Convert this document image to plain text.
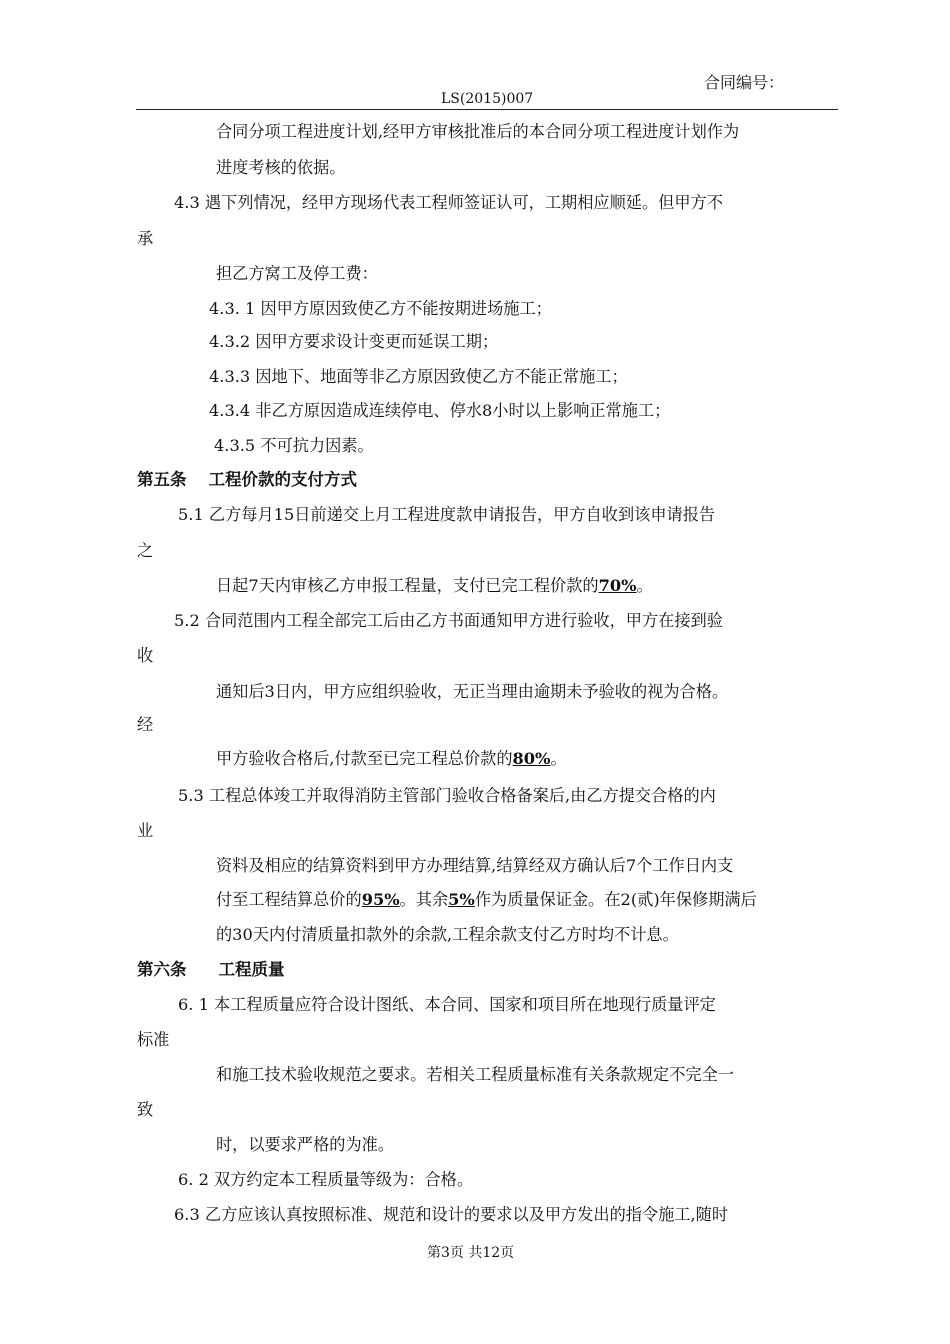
合同编号：
LS(2015)007
合同分项工程进度计划,经甲方审核批准后的本合同分项工程进度计划作为
进度考核的依据。
4.3 遇下列情况，经甲方现场代表工程师签证认可，工期相应顺延。但甲方不
承
担乙方窝工及停工费：
4.3. 1 因甲方原因致使乙方不能按期进场施工；
4.3.2 因甲方要求设计变更而延误工期；
4.3.3 因地下、地面等非乙方原因致使乙方不能正常施工；
4.3.4 非乙方原因造成连续停电、停水8小时以上影响正常施工；
4.3.5 不可抗力因素。
第五条 工程价款的支付方式
5.1 乙方每月15日前递交上月工程进度款申请报告，甲方自收到该申请报告
之
日起7天内审核乙方申报工程量，支付已完工程价款的70%。
5.2 合同范围内工程全部完工后由乙方书面通知甲方进行验收，甲方在接到验
收
通知后3日内，甲方应组织验收，无正当理由逾期未予验收的视为合格。
经
甲方验收合格后,付款至已完工程总价款的80%。
5.3 工程总体竣工并取得消防主管部门验收合格备案后,由乙方提交合格的内
业
资料及相应的结算资料到甲方办理结算,结算经双方确认后7个工作日内支
付至工程结算总价的95%。其余5%作为质量保证金。在2(贰)年保修期满后
的30天内付清质量扣款外的余款,工程余款支付乙方时均不计息。
第六条 工程质量
6. 1 本工程质量应符合设计图纸、本合同、国家和项目所在地现行质量评定
标准
和施工技术验收规范之要求。若相关工程质量标准有关条款规定不完全一
致
时，以要求严格的为准。
6. 2 双方约定本工程质量等级为：合格。
6.3 乙方应该认真按照标准、规范和设计的要求以及甲方发出的指令施工,随时
第3页 共12页
